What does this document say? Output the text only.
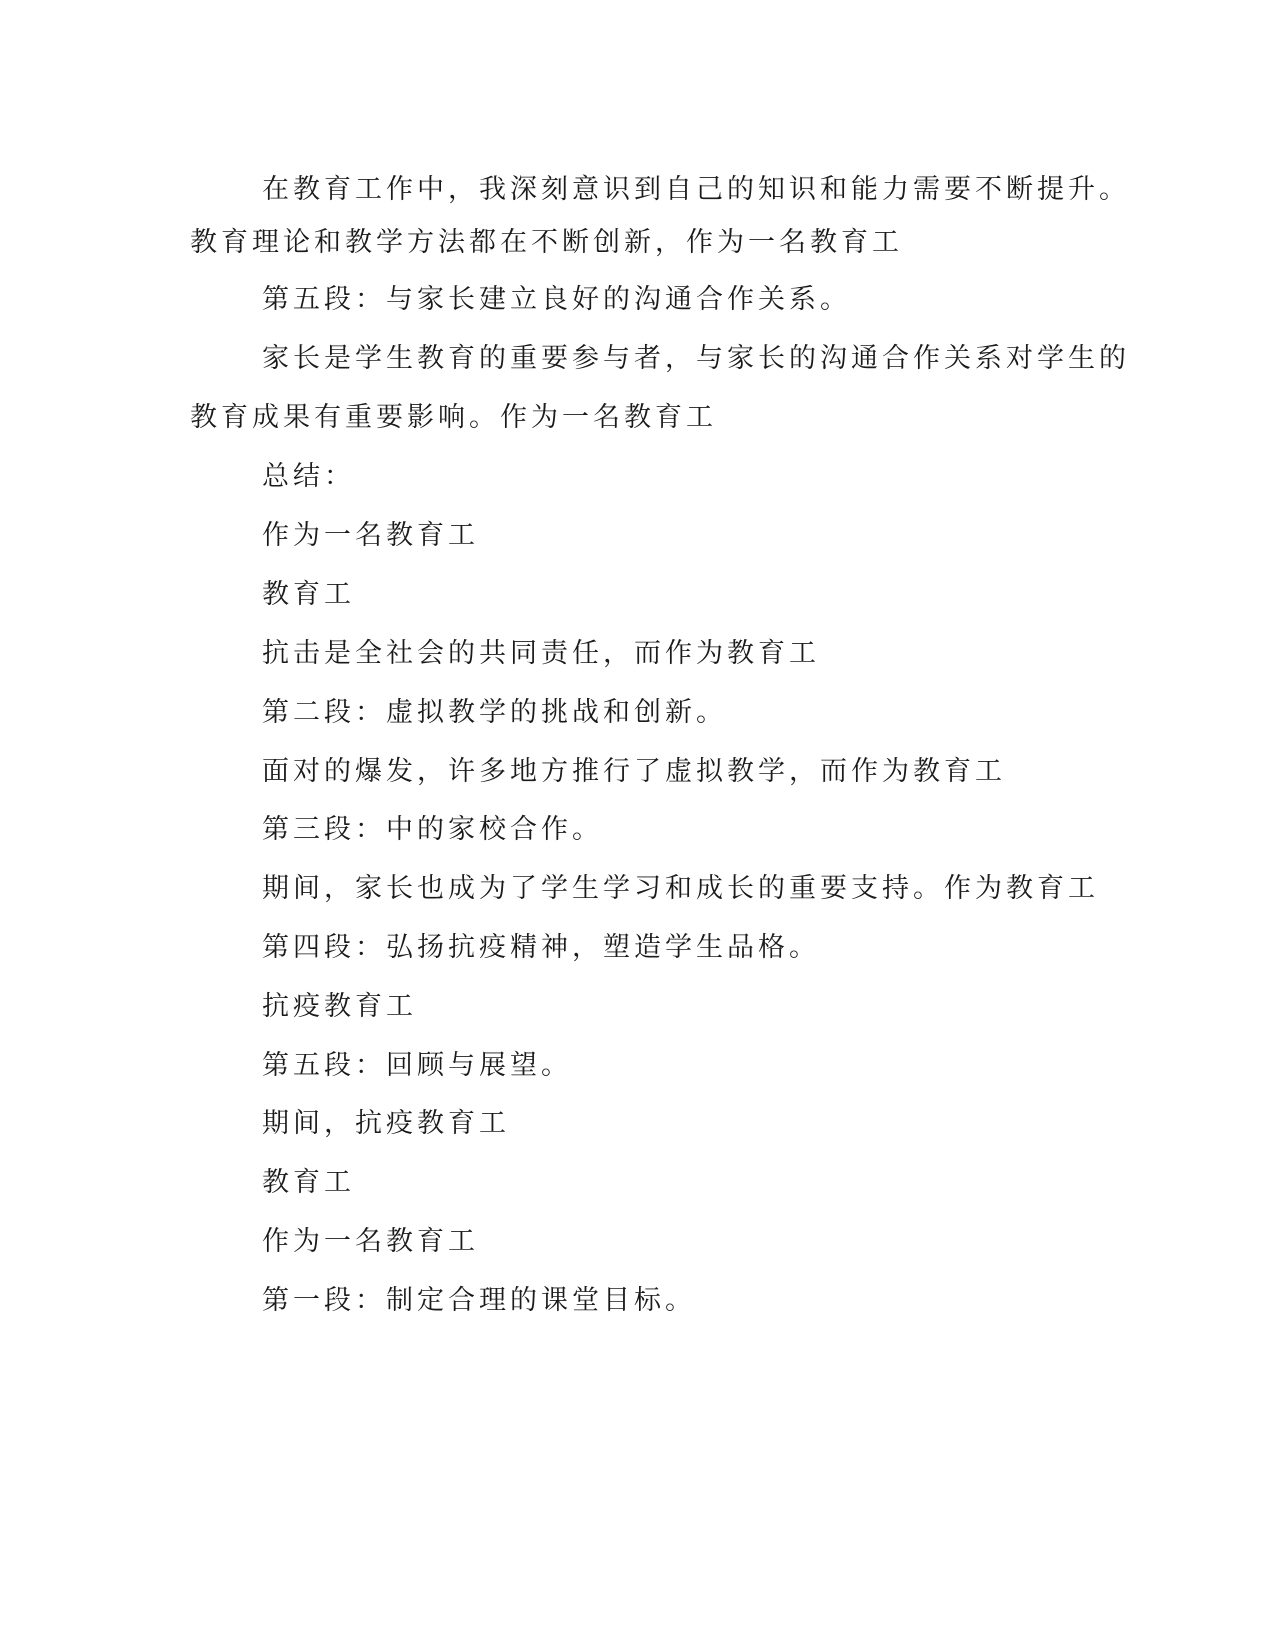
在教育工作中，我深刻意识到自己的知识和能力需要不断提升。
教育理论和教学方法都在不断创新，作为一名教育工
第五段：与家长建立良好的沟通合作关系。
家长是学生教育的重要参与者，与家长的沟通合作关系对学生的
教育成果有重要影响。作为一名教育工
总结：
作为一名教育工
教育工
抗击是全社会的共同责任，而作为教育工
第二段：虚拟教学的挑战和创新。
面对的爆发，许多地方推行了虚拟教学，而作为教育工
第三段：中的家校合作。
期间，家长也成为了学生学习和成长的重要支持。作为教育工
第四段：弘扬抗疫精神，塑造学生品格。
抗疫教育工
第五段：回顾与展望。
期间，抗疫教育工
教育工
作为一名教育工
第一段：制定合理的课堂目标。
